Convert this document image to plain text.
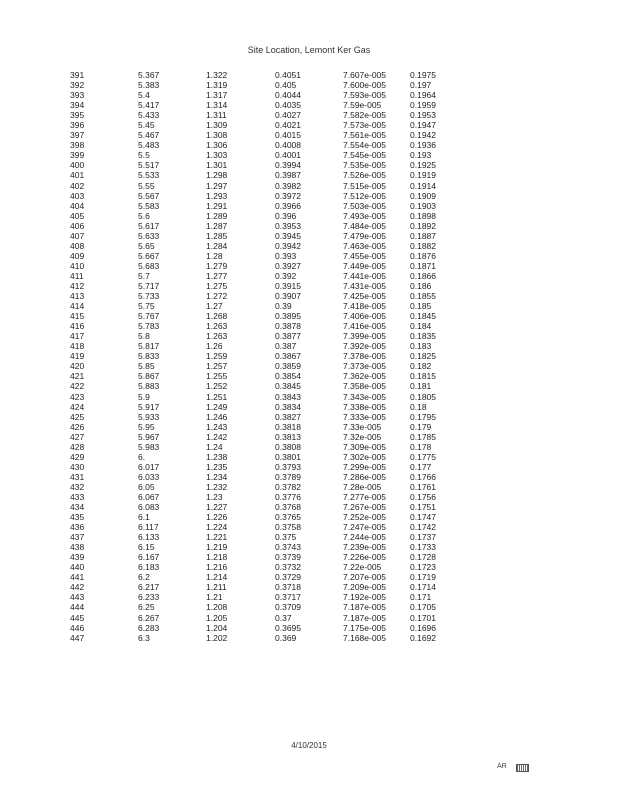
Site Location, Lemont Ker Gas
391	5.367	1.322	0.4051	7.607e-005	0.1975
392	5.383	1.319	0.405	7.600e-005	0.197
393	5.4	1.317	0.4044	7.593e-005	0.1964
394	5.417	1.314	0.4035	7.59e-005	0.1959
395	5.433	1.311	0.4027	7.582e-005	0.1953
396	5.45	1.309	0.4021	7.573e-005	0.1947
397	5.467	1.308	0.4015	7.561e-005	0.1942
398	5.483	1.306	0.4008	7.554e-005	0.1936
399	5.5	1.303	0.4001	7.545e-005	0.193
400	5.517	1.301	0.3994	7.535e-005	0.1925
401	5.533	1.298	0.3987	7.526e-005	0.1919
402	5.55	1.297	0.3982	7.515e-005	0.1914
403	5.567	1.293	0.3972	7.512e-005	0.1909
404	5.583	1.291	0.3966	7.503e-005	0.1903
405	5.6	1.289	0.396	7.493e-005	0.1898
406	5.617	1.287	0.3953	7.484e-005	0.1892
407	5.633	1.285	0.3945	7.479e-005	0.1887
408	5.65	1.284	0.3942	7.463e-005	0.1882
409	5.667	1.28	0.393	7.455e-005	0.1876
410	5.683	1.279	0.3927	7.449e-005	0.1871
411	5.7	1.277	0.392	7.441e-005	0.1866
412	5.717	1.275	0.3915	7.431e-005	0.186
413	5.733	1.272	0.3907	7.425e-005	0.1855
414	5.75	1.27	0.39	7.418e-005	0.185
415	5.767	1.268	0.3895	7.406e-005	0.1845
416	5.783	1.263	0.3878	7.416e-005	0.184
417	5.8	1.263	0.3877	7.399e-005	0.1835
418	5.817	1.26	0.387	7.392e-005	0.183
419	5.833	1.259	0.3867	7.378e-005	0.1825
420	5.85	1.257	0.3859	7.373e-005	0.182
421	5.867	1.255	0.3854	7.362e-005	0.1815
422	5.883	1.252	0.3845	7.358e-005	0.181
423	5.9	1.251	0.3843	7.343e-005	0.1805
424	5.917	1.249	0.3834	7.338e-005	0.18
425	5.933	1.246	0.3827	7.333e-005	0.1795
426	5.95	1.243	0.3818	7.33e-005	0.179
427	5.967	1.242	0.3813	7.32e-005	0.1785
428	5.983	1.24	0.3808	7.309e-005	0.178
429	6.	1.238	0.3801	7.302e-005	0.1775
430	6.017	1.235	0.3793	7.299e-005	0.177
431	6.033	1.234	0.3789	7.286e-005	0.1766
432	6.05	1.232	0.3782	7.28e-005	0.1761
433	6.067	1.23	0.3776	7.277e-005	0.1756
434	6.083	1.227	0.3768	7.267e-005	0.1751
435	6.1	1.226	0.3765	7.252e-005	0.1747
436	6.117	1.224	0.3758	7.247e-005	0.1742
437	6.133	1.221	0.375	7.244e-005	0.1737
438	6.15	1.219	0.3743	7.239e-005	0.1733
439	6.167	1.218	0.3739	7.226e-005	0.1728
440	6.183	1.216	0.3732	7.22e-005	0.1723
441	6.2	1.214	0.3729	7.207e-005	0.1719
442	6.217	1.211	0.3718	7.209e-005	0.1714
443	6.233	1.21	0.3717	7.192e-005	0.171
444	6.25	1.208	0.3709	7.187e-005	0.1705
445	6.267	1.205	0.37	7.187e-005	0.1701
446	6.283	1.204	0.3695	7.175e-005	0.1696
447	6.3	1.202	0.369	7.168e-005	0.1692
4/10/2015
AR
